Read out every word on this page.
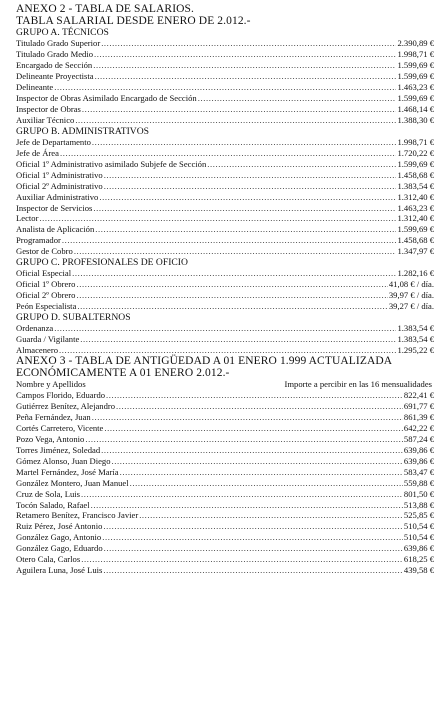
ANEXO 2 - TABLA DE SALARIOS.
TABLA SALARIAL DESDE ENERO DE 2.012.-
GRUPO A. TÉCNICOS
Titulado Grado Superior .....	2.390,89 €
Titulado Grado Medio .....	1.998,71 €
Encargado de Sección .....	1.599,69 €
Delineante Proyectista .....	1.599,69 €
Delineante .....	1.463,23 €
Inspector de Obras Asimilado Encargado de Sección .....	1.599,69 €
Inspector de Obras .....	1.468,14 €
Auxiliar Técnico .....	1.388,30 €
GRUPO B. ADMINISTRATIVOS
Jefe de Departamento .....	1.998,71 €
Jefe de Área .....	1.720,22 €
Oficial 1º Administrativo asimilado Subjefe de Sección .....	1.599,69 €
Oficial 1º Administrativo .....	1.458,68 €
Oficial 2º Administrativo .....	1.383,54 €
Auxiliar Administrativo .....	1.312,40 €
Inspector de Servicios .....	1.463,23 €
Lector .....	1.312,40 €
Analista de Aplicación .....	1.599,69 €
Programador .....	1.458,68 €
Gestor de Cobro .....	1.347,97 €
GRUPO C. PROFESIONALES DE OFICIO
Oficial Especial .....	1.282,16 €
Oficial 1º Obrero .....	41,08 € / día.
Oficial 2º Obrero .....	39,97 € / día.
Peón Especialista .....	39,27 € / día.
GRUPO D. SUBALTERNOS
Ordenanza .....	1.383,54 €
Guarda / Vigilante .....	1.383,54 €
Almacenero .....	1.295,22 €
ANEXO 3 - TABLA DE ANTIGÜEDAD A 01 ENERO 1.999 ACTUALIZADA
ECONÓMICAMENTE A 01 ENERO 2.012.-
Nombre y Apellidos	Importe a percibir en las 16 mensualidades
Campos Florido, Eduardo .....	822,41 €
Gutiérrez Benítez, Alejandro .....	691,77 €
Peña Fernández, Juan .....	861,39 €
Cortés Carretero, Vicente .....	642,22 €
Pozo Vega, Antonio .....	587,24 €
Torres Jiménez, Soledad .....	639,86 €
Gómez Alonso, Juan Diego .....	639,86 €
Martel Fernández, José María .....	583,47 €
González Montero, Juan Manuel .....	559,88 €
Cruz de Sola, Luis .....	801,50 €
Tocón Salado, Rafael .....	513,88 €
Retamero Benítez, Francisco Javier .....	525,85 €
Ruiz Pérez, José Antonio .....	510,54 €
González Gago, Antonio .....	510,54 €
González Gago, Eduardo .....	639,86 €
Otero Cala, Carlos .....	618,25 €
Aguilera Luna, José Luis .....	439,58 €
